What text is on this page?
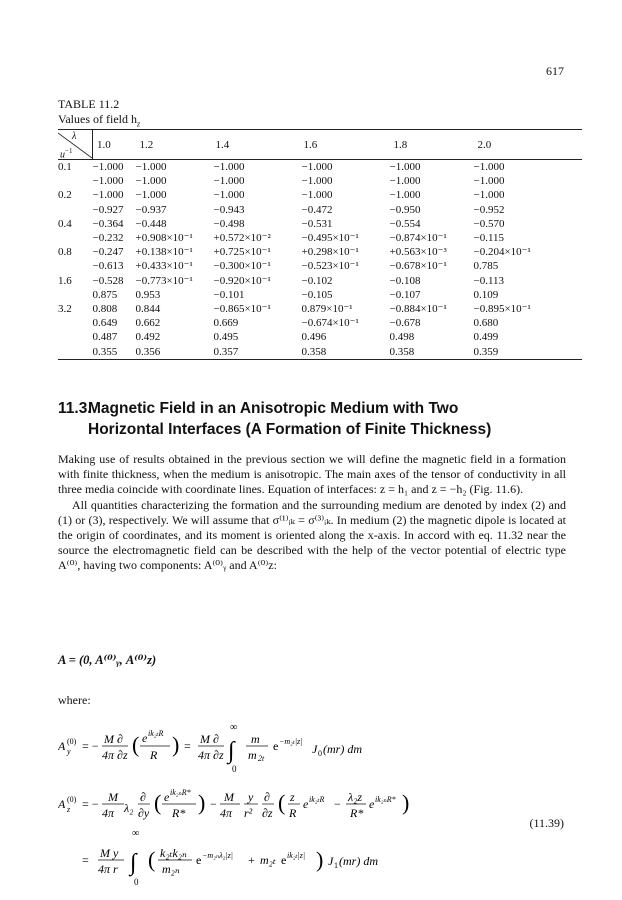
617
TABLE 11.2
Values of field $h_z$
λ
$u^{-1}$	1.0	1.2	1.4	1.6	1.8	2.0
0.1	−1.000	−1.000	−1.000	−1.000	−1.000	−1.000
	−1.000	−1.000	−1.000	−1.000	−1.000	−1.000
0.2	−1.000	−1.000	−1.000	−1.000	−1.000	−1.000
	−0.927	−0.937	−0.943	−0.472	−0.950	−0.952
0.4	−0.364	−0.448	−0.498	−0.531	−0.554	−0.570
	−0.232	+0.908×10⁻¹	+0.572×10⁻²	−0.495×10⁻¹	−0.874×10⁻¹	−0.115
0.8	−0.247	+0.138×10⁻¹	+0.725×10⁻¹	+0.298×10⁻¹	+0.563×10⁻³	−0.204×10⁻¹
	−0.613	+0.433×10⁻¹	−0.300×10⁻¹	−0.523×10⁻¹	−0.678×10⁻¹	0.785
1.6	−0.528	−0.773×10⁻¹	−0.920×10⁻¹	−0.102	−0.108	−0.113
	0.875	0.953	−0.101	−0.105	−0.107	0.109
3.2	0.808	0.844	−0.865×10⁻¹	0.879×10⁻¹	−0.884×10⁻¹	−0.895×10⁻¹
	0.649	0.662	0.669	−0.674×10⁻¹	−0.678	0.680
	0.487	0.492	0.495	0.496	0.498	0.499
	0.355	0.356	0.357	0.358	0.358	0.359
11.3.Magnetic Field in an Anisotropic Medium with Two
Horizontal Interfaces (A Formation of Finite Thickness)

Making use of results obtained in the previous section we will define the magnetic field in a formation with finite thickness, when the medium is anisotropic. The main axes of the tensor of conductivity in all three media coincide with coordinate lines. Equation of interfaces: z = h₁ and z = −h₂ (Fig. 11.6).

All quantities characterizing the formation and the surrounding medium are denoted by index (2) and (1) or (3), respectively. We will assume that σ⁽¹⁾ᵢₖ = σ⁽³⁾ᵢₖ. In medium (2) the magnetic dipole is located at the origin of coordinates, and its moment is oriented along the x-axis. In accord with eq. 11.32 near the source the electromagnetic field can be described with the help of the vector potential of electric type A⁽⁰⁾, having two components: A⁽⁰⁾ᵧ and A⁽⁰⁾z:

A = (0, A⁽⁰⁾ᵧ, A⁽⁰⁾z)
where:
A (0)
y = − M ∂
4π ∂z ( e ik₂ₜR
R ) = M ∂
4π ∂z
∞
∫
0
m
m 2t
e −m₂ₜ|z|
J 0 (mr) dm
A (0)
z = − M
4π λ₂
∂
∂y ( e ik₂ₙR*
R* ) − M
4π
y
r²
∂
∂z ( z
R
e ik₂ₜR − λ₂z
R*
e ik₂ₙR* )
= M y
4π r
∞
∫
0
( k₂ₜk₂ₙ
m₂ₙ
e −m₂ₙλ₂|z| + m₂ₜ e ik₂ₜ|z| ) J 1 (mr) dm
(11.39)
